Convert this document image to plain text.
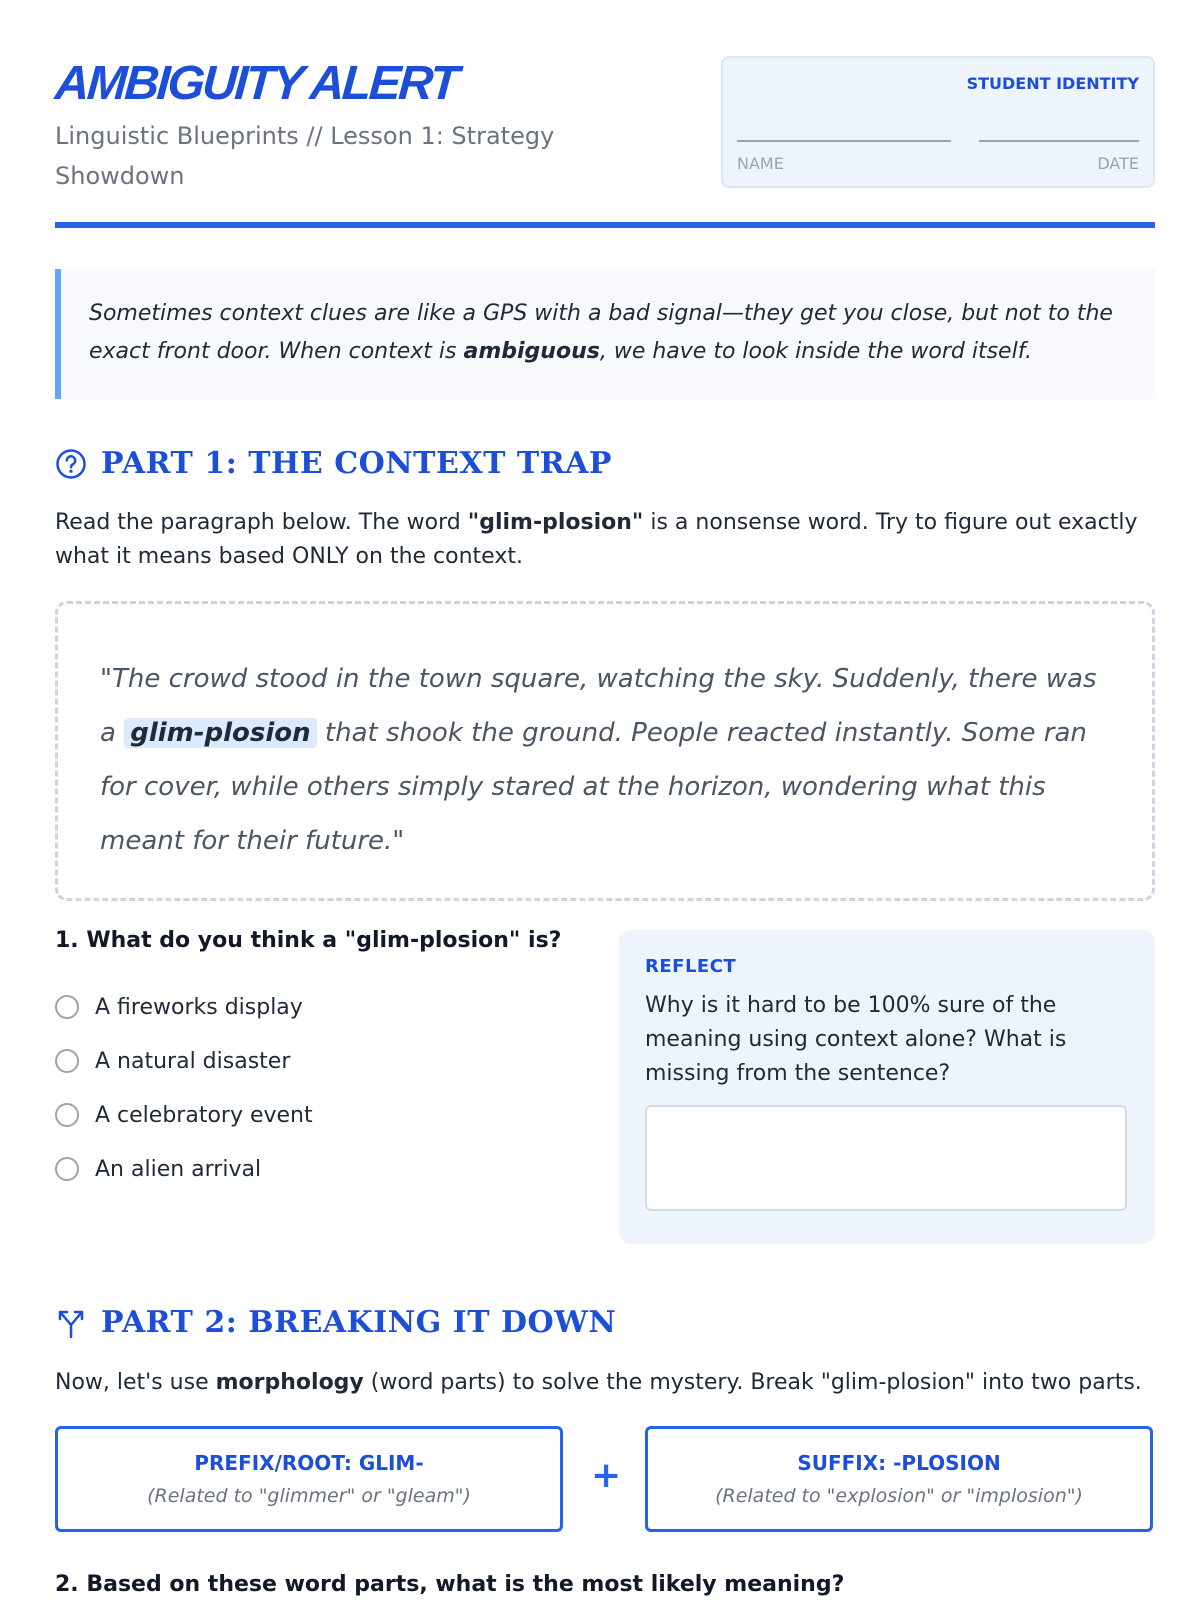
AMBIGUITY ALERT
Linguistic Blueprints // Lesson 1: Strategy Showdown
STUDENT IDENTITY
NAME	DATE
Sometimes context clues are like a GPS with a bad signal—they get you close, but not to the exact front door. When context is ambiguous, we have to look inside the word itself.
PART 1: THE CONTEXT TRAP
Read the paragraph below. The word "glim-plosion" is a nonsense word. Try to figure out exactly what it means based ONLY on the context.
"The crowd stood in the town square, watching the sky. Suddenly, there was a glim-plosion that shook the ground. People reacted instantly. Some ran for cover, while others simply stared at the horizon, wondering what this meant for their future."
1. What do you think a "glim-plosion" is?
A fireworks display
A natural disaster
A celebratory event
An alien arrival
REFLECT
Why is it hard to be 100% sure of the meaning using context alone? What is missing from the sentence?
PART 2: BREAKING IT DOWN
Now, let's use morphology (word parts) to solve the mystery. Break "glim-plosion" into two parts.
PREFIX/ROOT: GLIM-
(Related to "glimmer" or "gleam")	+	SUFFIX: -PLOSION
(Related to "explosion" or "implosion")
2. Based on these word parts, what is the most likely meaning?
